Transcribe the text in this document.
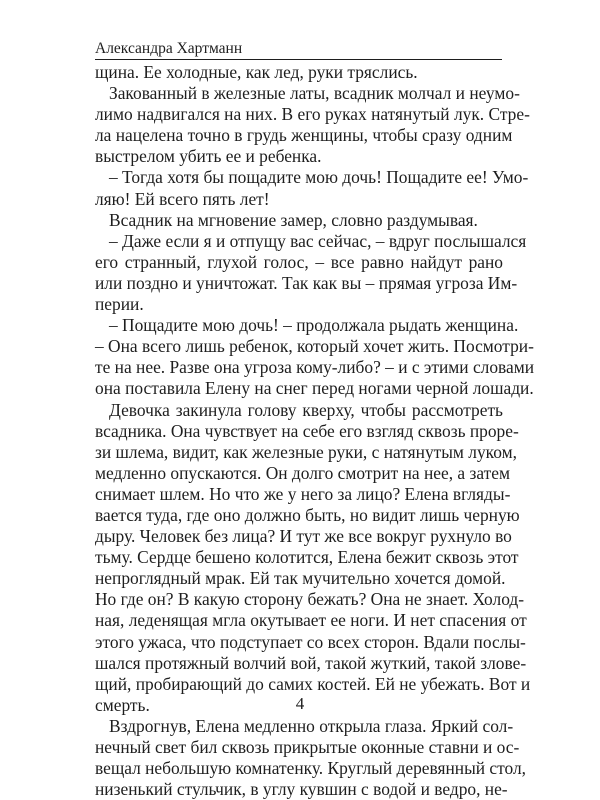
Александра Хартманн
щина. Ее холодные, как лед, руки тряслись.
Закованный в железные латы, всадник молчал и неумо-
лимо надвигался на них. В его руках натянутый лук. Стре-
ла нацелена точно в грудь женщины, чтобы сразу одним
выстрелом убить ее и ребенка.
– Тогда хотя бы пощадите мою дочь! Пощадите ее! Умо-
ляю! Ей всего пять лет!
Всадник на мгновение замер, словно раздумывая.
– Даже если я и отпущу вас сейчас, – вдруг послышался
его странный, глухой голос, – все равно найдут рано
или поздно и уничтожат. Так как вы – прямая угроза Им-
перии.
– Пощадите мою дочь! – продолжала рыдать женщина.
– Она всего лишь ребенок, который хочет жить. Посмотри-
те на нее. Разве она угроза кому-либо? – и с этими словами
она поставила Елену на снег перед ногами черной лошади.
Девочка закинула голову кверху, чтобы рассмотреть
всадника. Она чувствует на себе его взгляд сквозь прорe-
зи шлема, видит, как железные руки, с натянутым луком,
медленно опускаются. Он долго смотрит на нее, а затем
снимает шлем. Но что же у него за лицо? Елена вгляды-
вается туда, где оно должно быть, но видит лишь черную
дыру. Человек без лица? И тут же все вокруг рухнуло во
тьму. Сердце бешено колотится, Елена бежит сквозь этот
непроглядный мрак. Ей так мучительно хочется домой.
Но где он? В какую сторону бежать? Она не знает. Холод-
ная, леденящая мгла окутывает ее ноги. И нет спасения от
этого ужаса, что подступает со всех сторон. Вдали послы-
шался протяжный волчий вой, такой жуткий, такой зловe-
щий, пробирающий до самих костей. Ей не убежать. Вот и
смерть.
Вздрогнув, Елена медленно открыла глаза. Яркий сол-
нечный свет бил сквозь прикрытые оконные ставни и ос-
вещал небольшую комнатенку. Круглый деревянный стол,
низенький стульчик, в углу кувшин с водой и ведро, не-
4
